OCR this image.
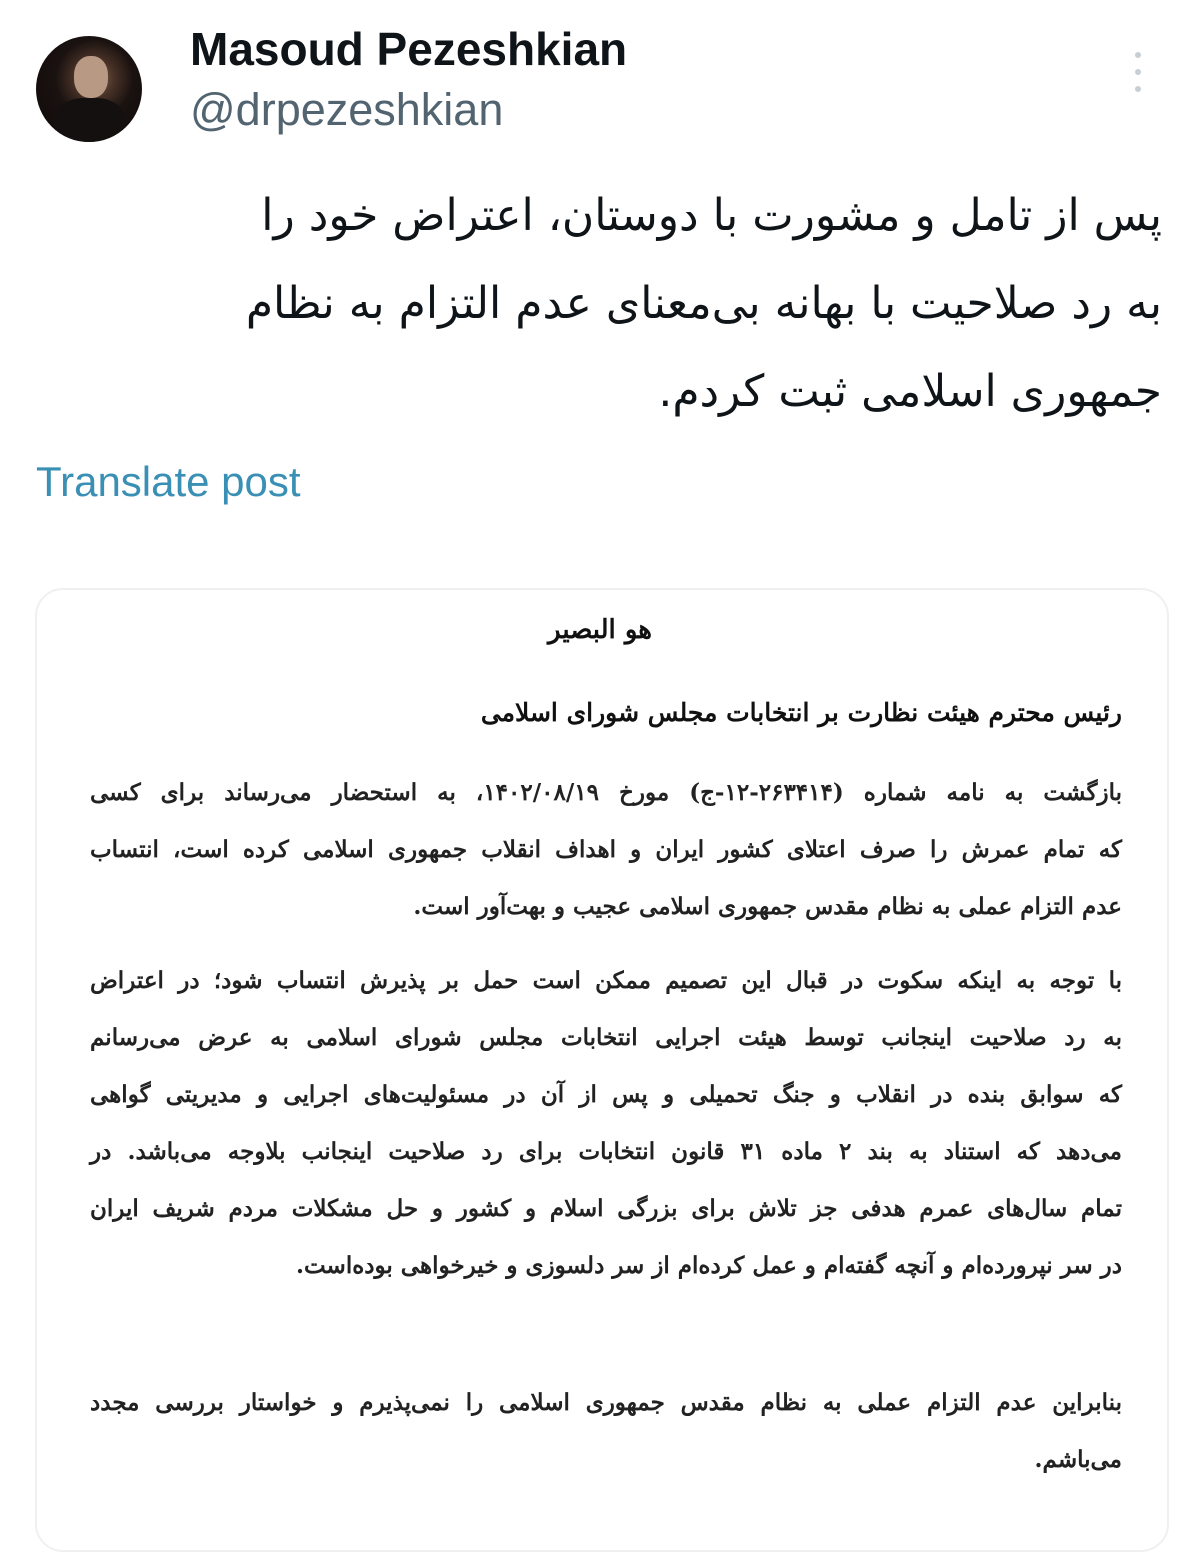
Masoud Pezeshkian
@drpezeshkian
پس از تامل و مشورت با دوستان، اعتراض خود را
به رد صلاحیت با بهانه بی‌معنای عدم التزام به نظام
جمهوری اسلامی ثبت کردم.
Translate post
هو البصیر
رئیس محترم هیئت نظارت بر انتخابات مجلس شورای اسلامی
بازگشت به نامه شماره (۲۶۳۴۱۴-۱۲-ج) مورخ ۱۴۰۲/۰۸/۱۹، به استحضار می‌رساند برای کسی
که تمام عمرش را صرف اعتلای کشور ایران و اهداف انقلاب جمهوری اسلامی کرده است، انتساب
عدم التزام عملی به نظام مقدس جمهوری اسلامی عجیب و بهت‌آور است.
با توجه به اینکه سکوت در قبال این تصمیم ممکن است حمل بر پذیرش انتساب شود؛ در اعتراض
به رد صلاحیت اینجانب توسط هیئت اجرایی انتخابات مجلس شورای اسلامی به عرض می‌رسانم
که سوابق بنده در انقلاب و جنگ تحمیلی و پس از آن در مسئولیت‌های اجرایی و مدیریتی گواهی
می‌دهد که استناد به بند ۲ ماده ۳۱ قانون انتخابات برای رد صلاحیت اینجانب بلاوجه می‌باشد. در
تمام سال‌های عمرم هدفی جز تلاش برای بزرگی اسلام و کشور و حل مشکلات مردم شریف ایران
در سر نپرورده‌ام و آنچه گفته‌ام و عمل کرده‌ام از سر دلسوزی و خیرخواهی بوده‌است.
بنابراین عدم التزام عملی به نظام مقدس جمهوری اسلامی را نمی‌پذیرم و خواستار بررسی مجدد
می‌باشم.
